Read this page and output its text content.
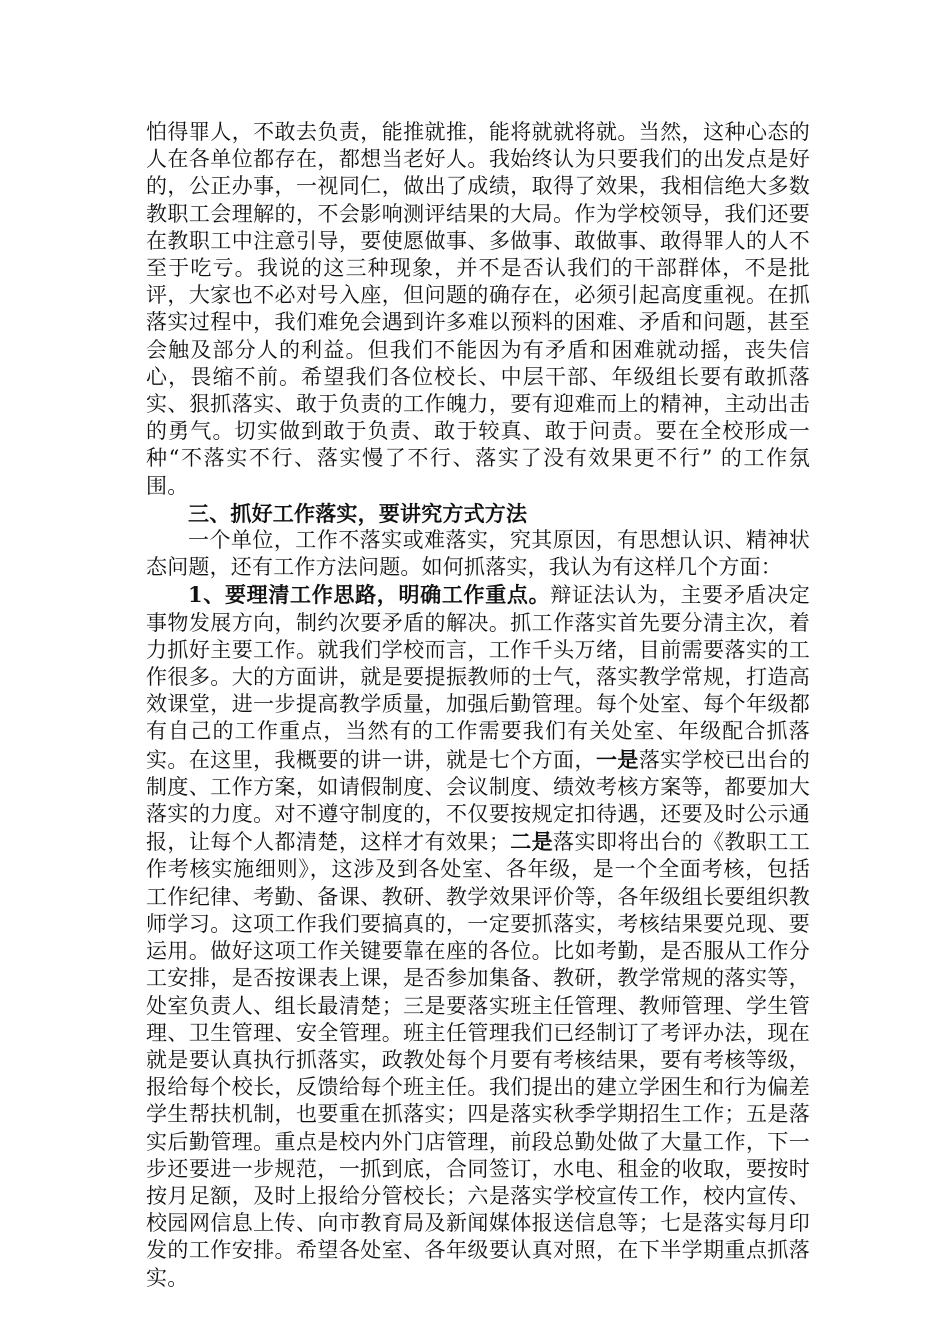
怕得罪人，不敢去负责，能推就推，能将就就将就。当然，这种心态的人在各单位都存在，都想当老好人。我始终认为只要我们的出发点是好的，公正办事，一视同仁，做出了成绩，取得了效果，我相信绝大多数教职工会理解的，不会影响测评结果的大局。作为学校领导，我们还要在教职工中注意引导，要使愿做事、多做事、敢做事、敢得罪人的人不至于吃亏。我说的这三种现象，并不是否认我们的干部群体，不是批评，大家也不必对号入座，但问题的确存在，必须引起高度重视。在抓落实过程中，我们难免会遇到许多难以预料的困难、矛盾和问题，甚至会触及部分人的利益。但我们不能因为有矛盾和困难就动摇，丧失信心，畏缩不前。希望我们各位校长、中层干部、年级组长要有敢抓落实、狠抓落实、敢于负责的工作魄力，要有迎难而上的精神，主动出击的勇气。切实做到敢于负责、敢于较真、敢于问责。要在全校形成一种“不落实不行、落实慢了不行、落实了没有效果更不行” 的工作氛围。

三、抓好工作落实，要讲究方式方法

一个单位，工作不落实或难落实，究其原因，有思想认识、精神状态问题，还有工作方法问题。如何抓落实，我认为有这样几个方面：

1、要理清工作思路，明确工作重点。辩证法认为，主要矛盾决定事物发展方向，制约次要矛盾的解决。抓工作落实首先要分清主次，着力抓好主要工作。就我们学校而言，工作千头万绪，目前需要落实的工作很多。大的方面讲，就是要提振教师的士气，落实教学常规，打造高效课堂，进一步提高教学质量，加强后勤管理。每个处室、每个年级都有自己的工作重点，当然有的工作需要我们有关处室、年级配合抓落实。在这里，我概要的讲一讲，就是七个方面，一是落实学校已出台的制度、工作方案，如请假制度、会议制度、绩效考核方案等，都要加大落实的力度。对不遵守制度的，不仅要按规定扣待遇，还要及时公示通报，让每个人都清楚，这样才有效果；二是落实即将出台的《教职工工作考核实施细则》，这涉及到各处室、各年级，是一个全面考核，包括工作纪律、考勤、备课、教研、教学效果评价等，各年级组长要组织教师学习。这项工作我们要搞真的，一定要抓落实，考核结果要兑现、要运用。做好这项工作关键要靠在座的各位。比如考勤，是否服从工作分工安排，是否按课表上课，是否参加集备、教研，教学常规的落实等，处室负责人、组长最清楚；三是要落实班主任管理、教师管理、学生管理、卫生管理、安全管理。班主任管理我们已经制订了考评办法，现在就是要认真执行抓落实，政教处每个月要有考核结果，要有考核等级，报给每个校长，反馈给每个班主任。我们提出的建立学困生和行为偏差学生帮扶机制，也要重在抓落实；四是落实秋季学期招生工作；五是落实后勤管理。重点是校内外门店管理，前段总勤处做了大量工作，下一步还要进一步规范，一抓到底，合同签订，水电、租金的收取，要按时按月足额，及时上报给分管校长；六是落实学校宣传工作，校内宣传、校园网信息上传、向市教育局及新闻媒体报送信息等；七是落实每月印发的工作安排。希望各处室、各年级要认真对照，在下半学期重点抓落实。
